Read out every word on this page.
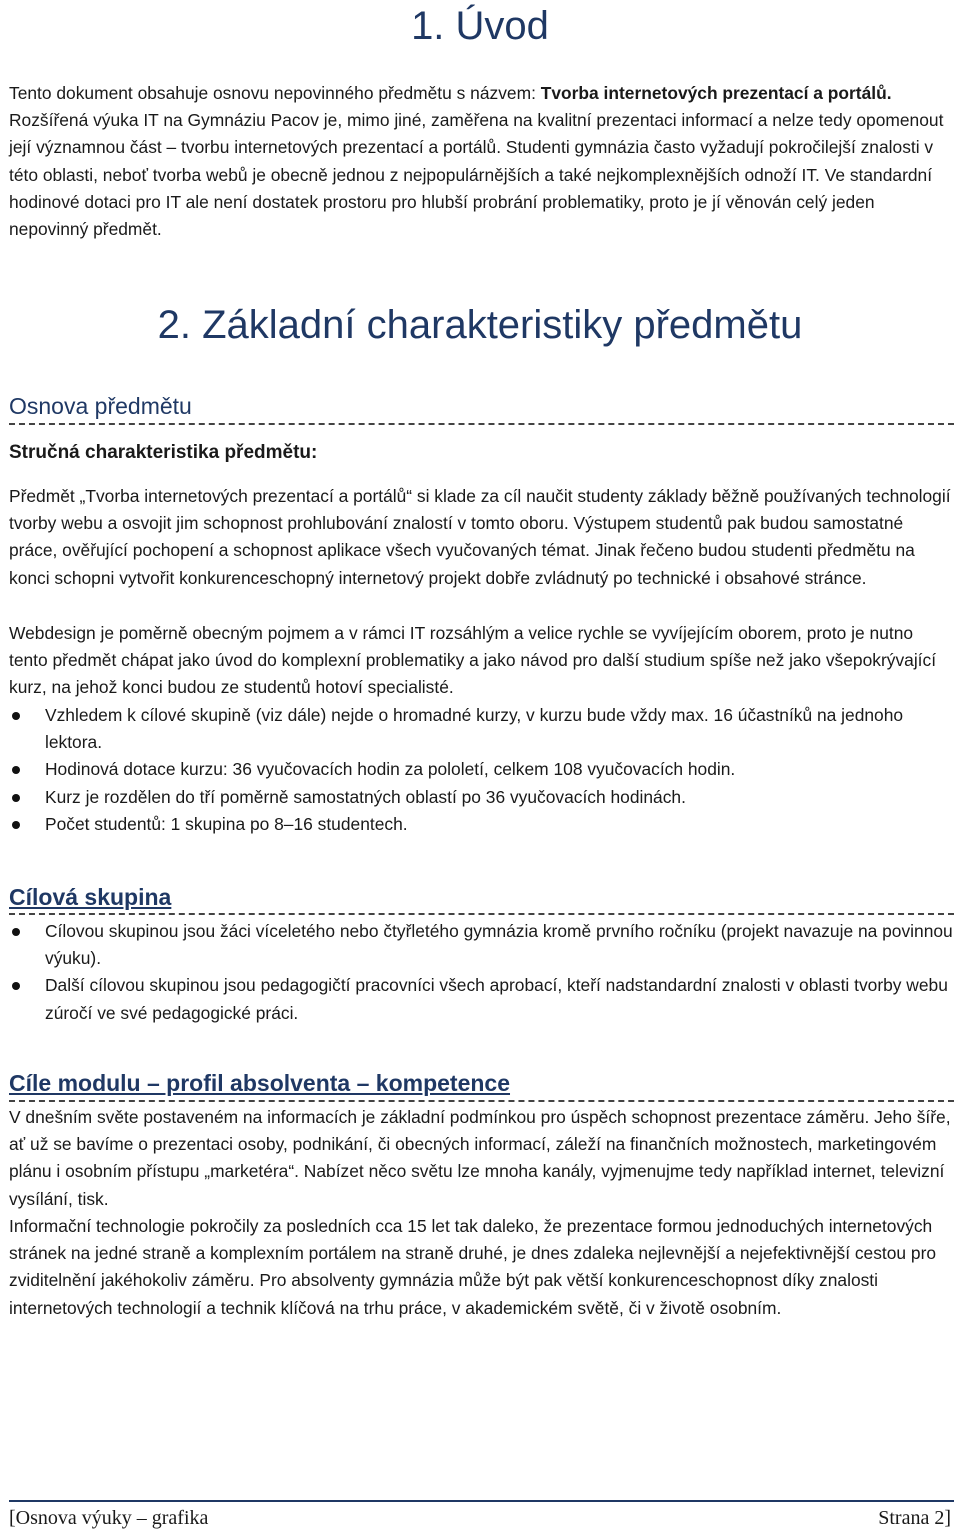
1. Úvod

Tento dokument obsahuje osnovu nepovinného předmětu s názvem: Tvorba internetových prezentací a portálů. Rozšířená výuka IT na Gymnáziu Pacov je, mimo jiné, zaměřena na kvalitní prezentaci informací a nelze tedy opomenout její významnou část – tvorbu internetových prezentací a portálů. Studenti gymnázia často vyžadují pokročilejší znalosti v této oblasti, neboť tvorba webů je obecně jednou z nejpopulárnějších a také nejkomplexnějších odnoží IT. Ve standardní hodinové dotaci pro IT ale není dostatek prostoru pro hlubší probrání problematiky, proto je jí věnován celý jeden nepovinný předmět.

2. Základní charakteristiky předmětu
Osnova předmětu
Stručná charakteristika předmětu:

Předmět „Tvorba internetových prezentací a portálů“ si klade za cíl naučit studenty základy běžně používaných technologií tvorby webu a osvojit jim schopnost prohlubování znalostí v tomto oboru. Výstupem studentů pak budou samostatné práce, ověřující pochopení a schopnost aplikace všech vyučovaných témat. Jinak řečeno budou studenti předmětu na konci schopni vytvořit konkurenceschopný internetový projekt dobře zvládnutý po technické i obsahové stránce.

Webdesign je poměrně obecným pojmem a v rámci IT rozsáhlým a velice rychle se vyvíjejícím oborem, proto je nutno tento předmět chápat jako úvod do komplexní problematiky a jako návod pro další studium spíše než jako všepokrývající kurz, na jehož konci budou ze studentů hotoví specialisté.

Vzhledem k cílové skupině (viz dále) nejde o hromadné kurzy, v kurzu bude vždy max. 16 účastníků na jednoho lektora.
Hodinová dotace kurzu: 36 vyučovacích hodin za pololetí, celkem 108 vyučovacích hodin.
Kurz je rozdělen do tří poměrně samostatných oblastí po 36 vyučovacích hodinách.
Počet studentů: 1 skupina po 8–16 studentech.
Cílová skupina
Cílovou skupinou jsou žáci víceletého nebo čtyřletého gymnázia kromě prvního ročníku (projekt navazuje na povinnou výuku).
Další cílovou skupinou jsou pedagogičtí pracovníci všech aprobací, kteří nadstandardní znalosti v oblasti tvorby webu zúročí ve své pedagogické práci.
Cíle modulu – profil absolventa – kompetence

V dnešním světe postaveném na informacích je základní podmínkou pro úspěch schopnost prezentace záměru. Jeho šíře, ať už se bavíme o prezentaci osoby, podnikání, či obecných informací, záleží na finančních možnostech, marketingovém plánu i osobním přístupu „marketéra“. Nabízet něco světu lze mnoha kanály, vyjmenujme tedy například internet, televizní vysílání, tisk.

Informační technologie pokročily za posledních cca 15 let tak daleko, že prezentace formou jednoduchých internetových stránek na jedné straně a komplexním portálem na straně druhé, je dnes zdaleka nejlevnější a nejefektivnější cestou pro zviditelnění jakéhokoliv záměru. Pro absolventy gymnázia může být pak větší konkurenceschopnost díky znalosti internetových technologií a technik klíčová na trhu práce, v akademickém světě, či v životě osobním.

[Osnova výuky – grafika	Strana 2]
